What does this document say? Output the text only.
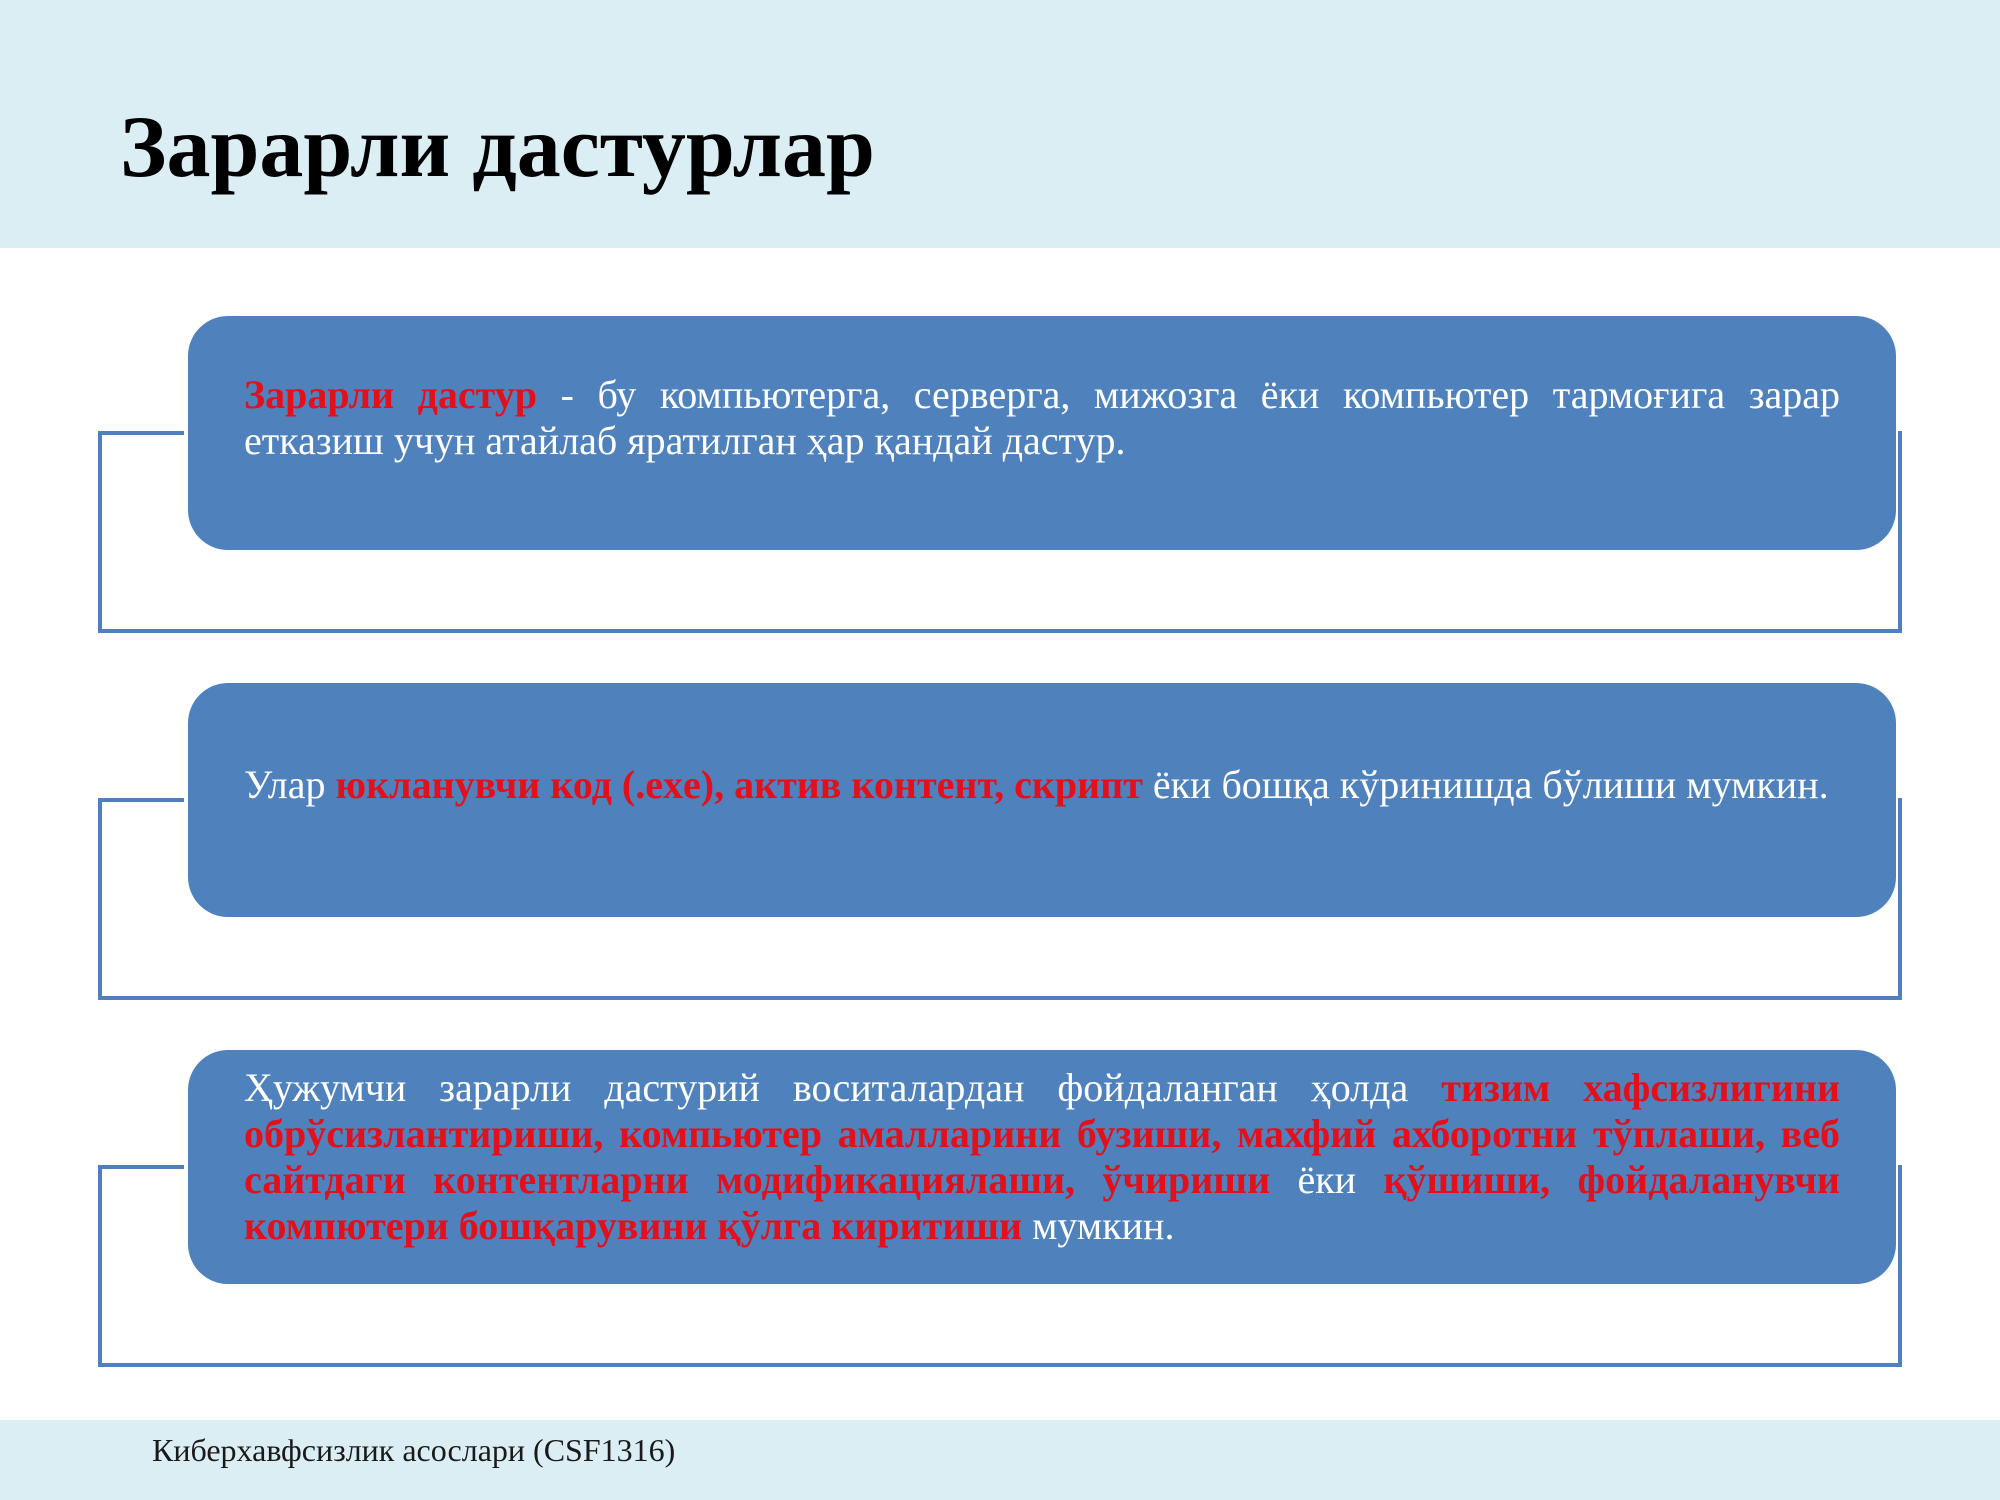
Зарарли дастурлар

Зарарли дастур - бу компьютерга, серверга, мижозга ёки компьютер тармоғига зарар етказиш учун атайлаб яратилган ҳар қандай дастур.

Улар юкланувчи код (.exe), актив контент, скрипт ёки бошқа кўринишда бўлиши мумкин.

Ҳужумчи зарарли дастурий воситалардан фойдаланган ҳолда тизим хафсизлигини обрўсизлантириши, компьютер амалларини бузиши, махфий ахборотни тўплаши, веб сайтдаги контентларни модификациялаши, ўчириши ёки қўшиши, фойдаланувчи компютери бошқарувини қўлга киритиши мумкин.

Киберхавфсизлик асослари (CSF1316)
